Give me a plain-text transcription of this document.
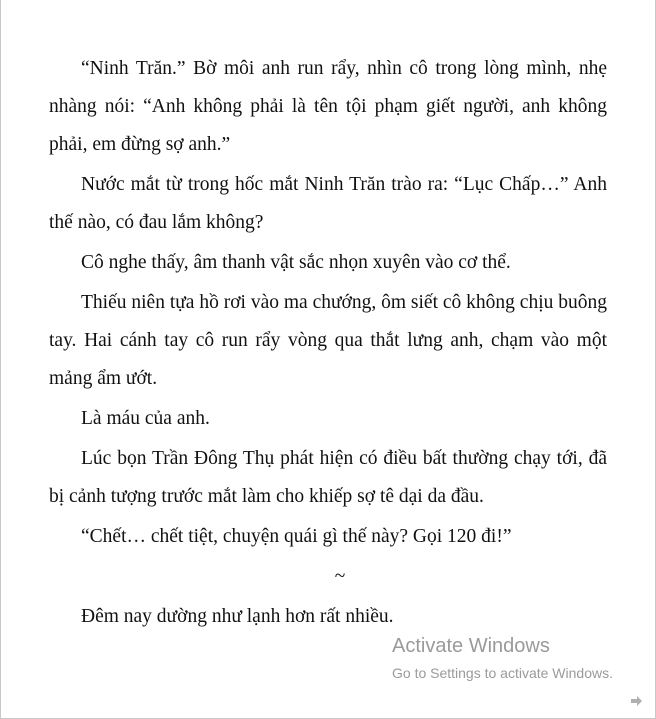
“Ninh Trăn.” Bờ môi anh run rẩy, nhìn cô trong lòng mình, nhẹ nhàng nói: “Anh không phải là tên tội phạm giết người, anh không phải, em đừng sợ anh.”

Nước mắt từ trong hốc mắt Ninh Trăn trào ra: “Lục Chấp…” Anh thế nào, có đau lắm không?

Cô nghe thấy, âm thanh vật sắc nhọn xuyên vào cơ thể.

Thiếu niên tựa hồ rơi vào ma chướng, ôm siết cô không chịu buông tay. Hai cánh tay cô run rẩy vòng qua thắt lưng anh, chạm vào một mảng ẩm ướt.

Là máu của anh.

Lúc bọn Trần Đông Thụ phát hiện có điều bất thường chạy tới, đã bị cảnh tượng trước mắt làm cho khiếp sợ tê dại da đầu.

“Chết… chết tiệt, chuyện quái gì thế này? Gọi 120 đi!”

~

Đêm nay dường như lạnh hơn rất nhiều.

Activate Windows
Go to Settings to activate Windows.
